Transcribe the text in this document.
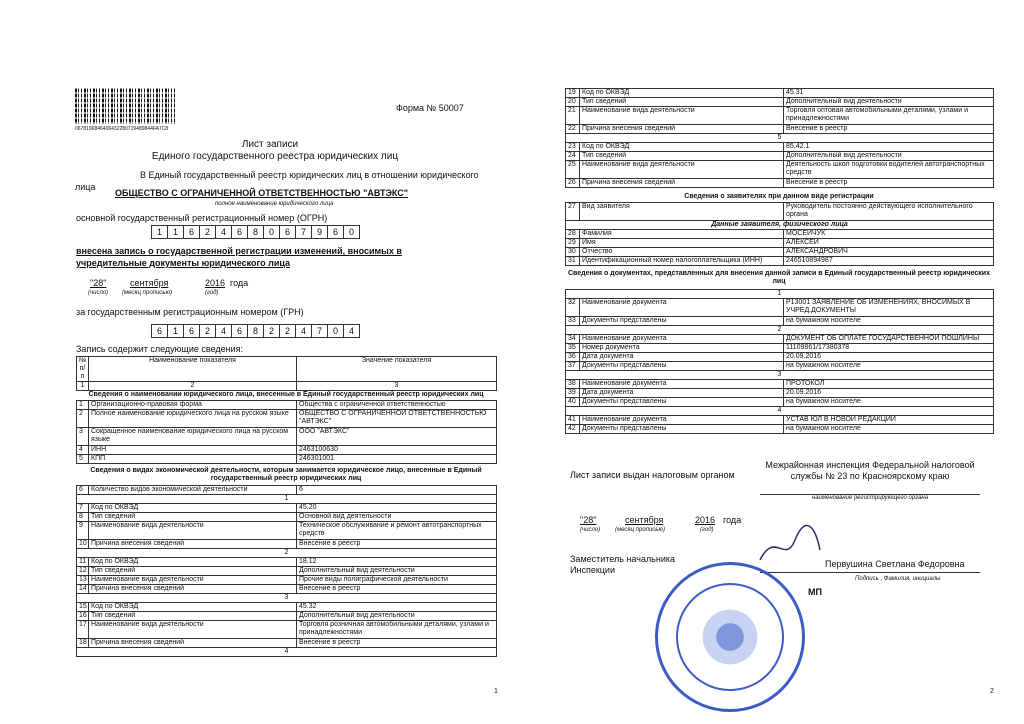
0678196846406432280719489844FA7C8
Форма № 50007
Лист записи
Единого государственного реестра юридических лиц
В Единый государственный реестр юридических лиц в отношении юридического
лица
ОБЩЕСТВО С ОГРАНИЧЕННОЙ ОТВЕТСТВЕННОСТЬЮ "АВТЭКС"
полное наименование юридического лица
основной государственный регистрационный номер (ОГРН)
1	1	6	2	4	6	8	0	6	7	9	6	0
внесена запись о государственной регистрации изменений, вносимых в
учредительные документы юридического лица
"28"	сентября	2016 года
(число) (месяц прописью)	(год)
за государственным регистрационным номером (ГРН)
6	1	6	2	4	6	8	2	2	4	7	0	4
Запись содержит следующие сведения:
№ п/п	Наименование показателя	Значение показателя
1	2	3
Сведения о наименовании юридического лица, внесенные в Единый государственный реестр юридических лиц
1	Организационно-правовая форма	Общества с ограниченной ответственностью
2	Полное наименование юридического лица на русском языке	ОБЩЕСТВО С ОГРАНИЧЕННОЙ ОТВЕТСТВЕННОСТЬЮ "АВТЭКС"
3	Сокращенное наименование юридического лица на русском языке	ООО "АВТЭКС"
4	ИНН	2463100630
5	КПП	246301001
Сведения о видах экономической деятельности, которым занимается юридическое лицо, внесенные в Единый государственный реестр юридических лиц
6	Количество видов экономической деятельности	6
1		
7	Код по ОКВЭД	45.20
8	Тип сведений	Основной вид деятельности
9	Наименование вида деятельности	Техническое обслуживание и ремонт автотранспортных средств
10	Причина внесения сведений	Внесение в реестр
2		
11	Код по ОКВЭД	18.12
12	Тип сведений	Дополнительный вид деятельности
13	Наименование вида деятельности	Прочие виды полиграфической деятельности
14	Причина внесения сведений	Внесение в реестр
3		
15	Код по ОКВЭД	45.32
16	Тип сведений	Дополнительный вид деятельности
17	Наименование вида деятельности	Торговля розничная автомобильными деталями, узлами и принадлежностями
18	Причина внесения сведений	Внесение в реестр
4		
1
19	Код по ОКВЭД	45.31
20	Тип сведений	Дополнительный вид деятельности
21	Наименование вида деятельности	Торговля оптовая автомобильными деталями, узлами и принадлежностями
22	Причина внесения сведений	Внесение в реестр
5		
23	Код по ОКВЭД	85.42.1
24	Тип сведений	Дополнительный вид деятельности
25	Наименование вида деятельности	Деятельность школ подготовки водителей автотранспортных средств
26	Причина внесения сведений	Внесение в реестр
Сведения о заявителях при данном виде регистрации
27	Вид заявителя	Руководитель постоянно действующего исполнительного органа
Данные заявителя, физического лица		
28	Фамилия	МОСЕЙЧУК
29	Имя	АЛЕКСЕЙ
30	Отчество	АЛЕКСАНДРОВИЧ
31	Идентификационный номер налогоплательщика (ИНН)	246510894987
Сведения о документах, представленных для внесения данной записи в Единый государственный реестр юридических лиц
1		
32	Наименование документа	Р13001 ЗАЯВЛЕНИЕ ОБ ИЗМЕНЕНИЯХ, ВНОСИМЫХ В УЧРЕД.ДОКУМЕНТЫ
33	Документы представлены	на бумажном носителе
2		
34	Наименование документа	ДОКУМЕНТ ОБ ОПЛАТЕ ГОСУДАРСТВЕННОЙ ПОШЛИНЫ
35	Номер документа	11109861/17380378
36	Дата документа	20.09.2016
37	Документы представлены	на бумажном носителе
3		
38	Наименование документа	ПРОТОКОЛ
39	Дата документа	20.09.2016
40	Документы представлены	на бумажном носителе
4		
41	Наименование документа	УСТАВ ЮЛ В НОВОЙ РЕДАКЦИИ
42	Документы представлены	на бумажном носителе
Лист записи выдан налоговым органом
Межрайонная инспекция Федеральной налоговой службы № 23 по Красноярскому краю
наименование регистрирующего органа
"28"	сентября	2016 года
(число) (месяц прописью)	(год)
Заместитель начальника
Инспекции
Первушина Светлана Федоровна
Подпись , Фамилия, инициалы
МП
2
